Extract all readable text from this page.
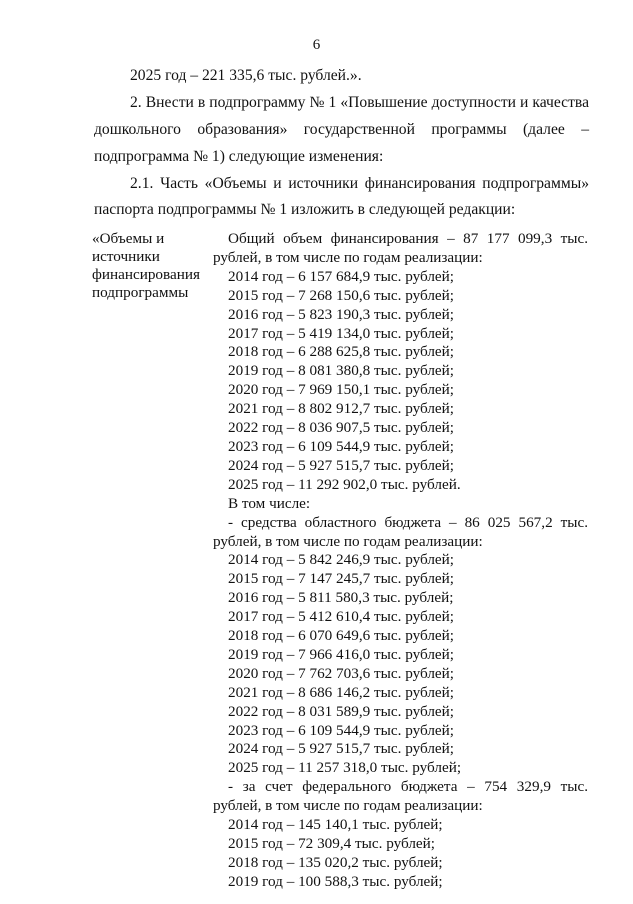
6
2025 год – 221 335,6 тыс. рублей.».
2. Внести в подпрограмму № 1 «Повышение доступности и качества
дошкольного образования» государственной программы (далее –
подпрограмма № 1) следующие изменения:
2.1. Часть «Объемы и источники финансирования подпрограммы»
паспорта подпрограммы № 1 изложить в следующей редакции:
«Объемы и
источники
финансирования
подпрограммы
Общий объем финансирования – 87 177 099,3 тыс.
рублей, в том числе по годам реализации:
2014 год – 6 157 684,9 тыс. рублей;
2015 год – 7 268 150,6 тыс. рублей;
2016 год – 5 823 190,3 тыс. рублей;
2017 год – 5 419 134,0 тыс. рублей;
2018 год – 6 288 625,8 тыс. рублей;
2019 год – 8 081 380,8 тыс. рублей;
2020 год – 7 969 150,1 тыс. рублей;
2021 год – 8 802 912,7 тыс. рублей;
2022 год – 8 036 907,5 тыс. рублей;
2023 год – 6 109 544,9 тыс. рублей;
2024 год – 5 927 515,7 тыс. рублей;
2025 год – 11 292 902,0 тыс. рублей.
В том числе:
- средства областного бюджета – 86 025 567,2 тыс.
рублей, в том числе по годам реализации:
2014 год – 5 842 246,9 тыс. рублей;
2015 год – 7 147 245,7 тыс. рублей;
2016 год – 5 811 580,3 тыс. рублей;
2017 год – 5 412 610,4 тыс. рублей;
2018 год – 6 070 649,6 тыс. рублей;
2019 год – 7 966 416,0 тыс. рублей;
2020 год – 7 762 703,6 тыс. рублей;
2021 год – 8 686 146,2 тыс. рублей;
2022 год – 8 031 589,9 тыс. рублей;
2023 год – 6 109 544,9 тыс. рублей;
2024 год – 5 927 515,7 тыс. рублей;
2025 год – 11 257 318,0 тыс. рублей;
- за счет федерального бюджета – 754 329,9 тыс.
рублей, в том числе по годам реализации:
2014 год – 145 140,1 тыс. рублей;
2015 год – 72 309,4 тыс. рублей;
2018 год – 135 020,2 тыс. рублей;
2019 год – 100 588,3 тыс. рублей;
